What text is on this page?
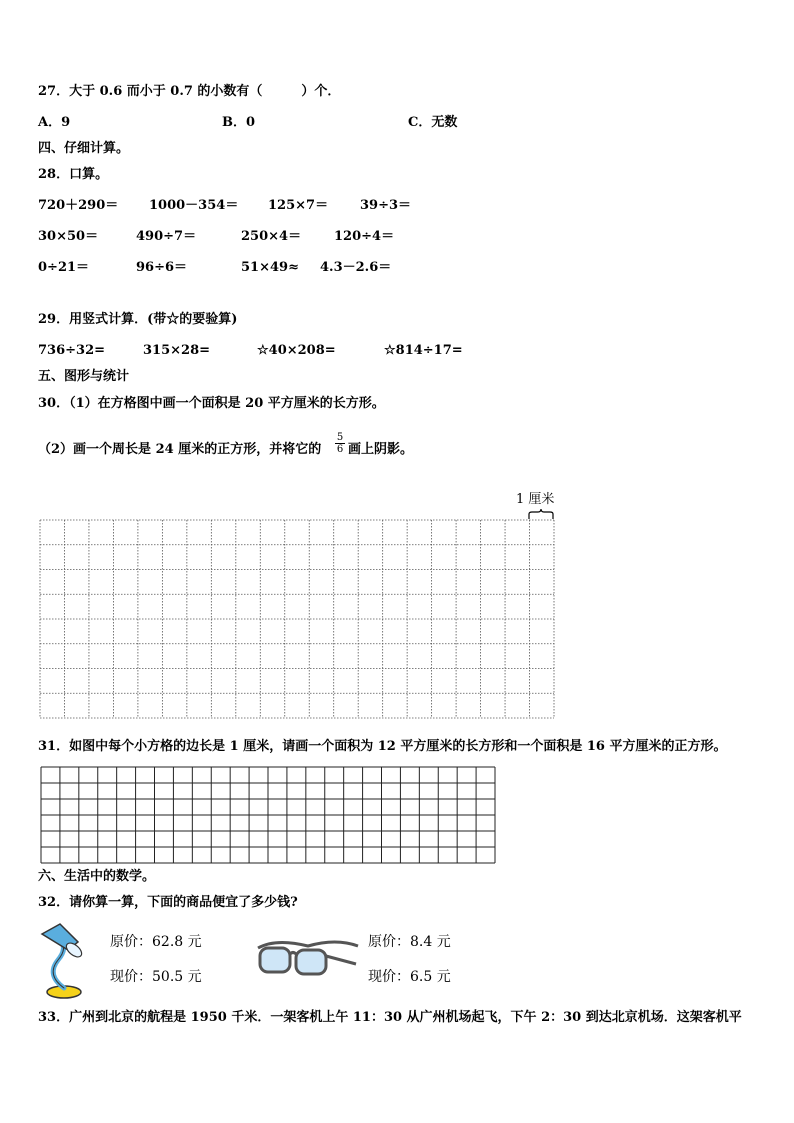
27．大于 0.6 而小于 0.7 的小数有（　　　）个．
A．9	B．0	C．无数
四、仔细计算。
28．口算。
720＋290＝ 1000－354＝ 125×7＝ 39÷3＝
30×50＝	490÷7＝	250×4＝	120÷4＝
0÷21＝	96÷6＝	51×49≈ 4.3－2.6＝
29．用竖式计算．(带☆的要验算)
736÷32=	315×28=	☆40×208=	☆814÷17=
五、图形与统计
30．（1）在方格图中画一个面积是 20 平方厘米的长方形。
（2）画一个周长是 24 厘米的正方形，并将它的 $\frac{5}{6}$ 画上阴影。
1 厘米
31．如图中每个小方格的边长是 1 厘米，请画一个面积为 12 平方厘米的长方形和一个面积是 16 平方厘米的正方形。
六、生活中的数学。
32．请你算一算，下面的商品便宜了多少钱?
原价：62.8 元
现价：50.5 元
原价：8.4 元
现价：6.5 元
33．广州到北京的航程是 1950 千米．一架客机上午 11：30 从广州机场起飞，下午 2：30 到达北京机场．这架客机平
